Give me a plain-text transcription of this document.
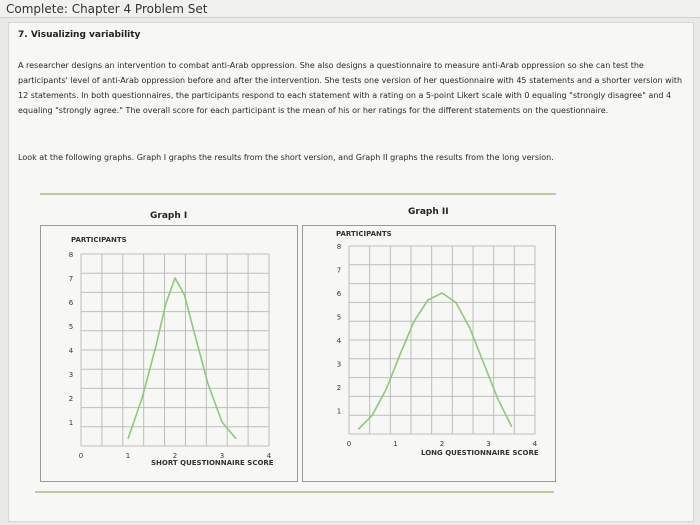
Complete: Chapter 4 Problem Set
7. Visualizing variability
A researcher designs an intervention to combat anti-Arab oppression. She also designs a questionnaire to measure anti-Arab oppression so she can test the participants' level of anti-Arab oppression before and after the intervention. She tests one version of her questionnaire with 45 statements and a shorter version with 12 statements. In both questionnaires, the participants respond to each statement with a rating on a 5-point Likert scale with 0 equaling "strongly disagree" and 4 equaling "strongly agree." The overall score for each participant is the mean of his or her ratings for the different statements on the questionnaire.
Look at the following graphs. Graph I graphs the results from the short version, and Graph II graphs the results from the long version.
Graph I
PARTICIPANTS
SHORT QUESTIONNAIRE SCORE
1
2
3
4
5
6
7
8
0	1	2	3	4
Graph II
PARTICIPANTS
LONG QUESTIONNAIRE SCORE
1
2
3
4
5
6
7
8
0	1	2	3	4
